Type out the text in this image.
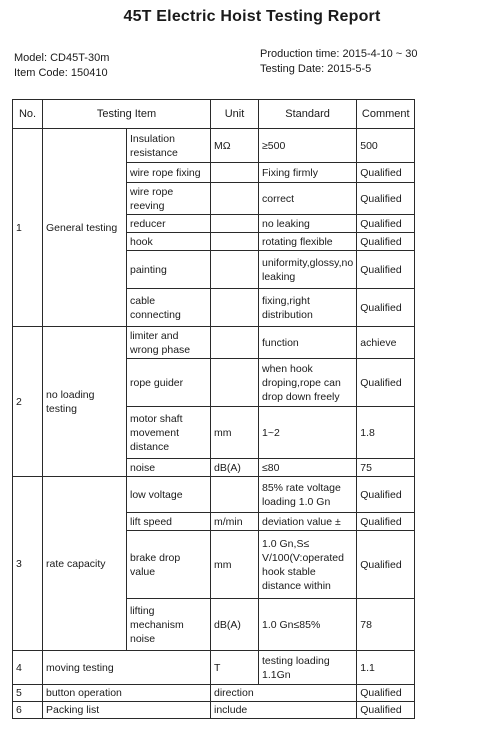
45T Electric Hoist Testing Report
Model: CD45T-30m
Item Code: 150410
Production time: 2015-4-10 ~ 30
Testing Date: 2015-5-5
No.	Testing Item		Unit	Standard	Comment
1	General testing	Insulation resistance	MΩ	≥500	500
		wire rope fixing		Fixing firmly	Qualified
		wire rope reeving		correct	Qualified
		reducer		no leaking	Qualified
		hook		rotating flexible	Qualified
		painting		uniformity,glossy,no leaking	Qualified
		cable connecting		fixing,right distribution	Qualified
2	no loading testing	limiter and wrong phase		function	achieve
		rope guider		when hook droping,rope can drop down freely	Qualified
		motor shaft movement distance	mm	1~2	1.8
		noise	dB(A)	≤80	75
3	rate capacity	low voltage		85% rate voltage loading 1.0 Gn	Qualified
		lift speed	m/min	deviation value ±	Qualified
		brake drop value	mm	1.0 Gn,S≤ V/100(V:operated hook stable distance within	Qualified
		lifting mechanism noise	dB(A)	1.0 Gn≤85%	78
4	moving testing		T	testing loading 1.1Gn	1.1
5	button operation		direction		Qualified
6	Packing list		include		Qualified
